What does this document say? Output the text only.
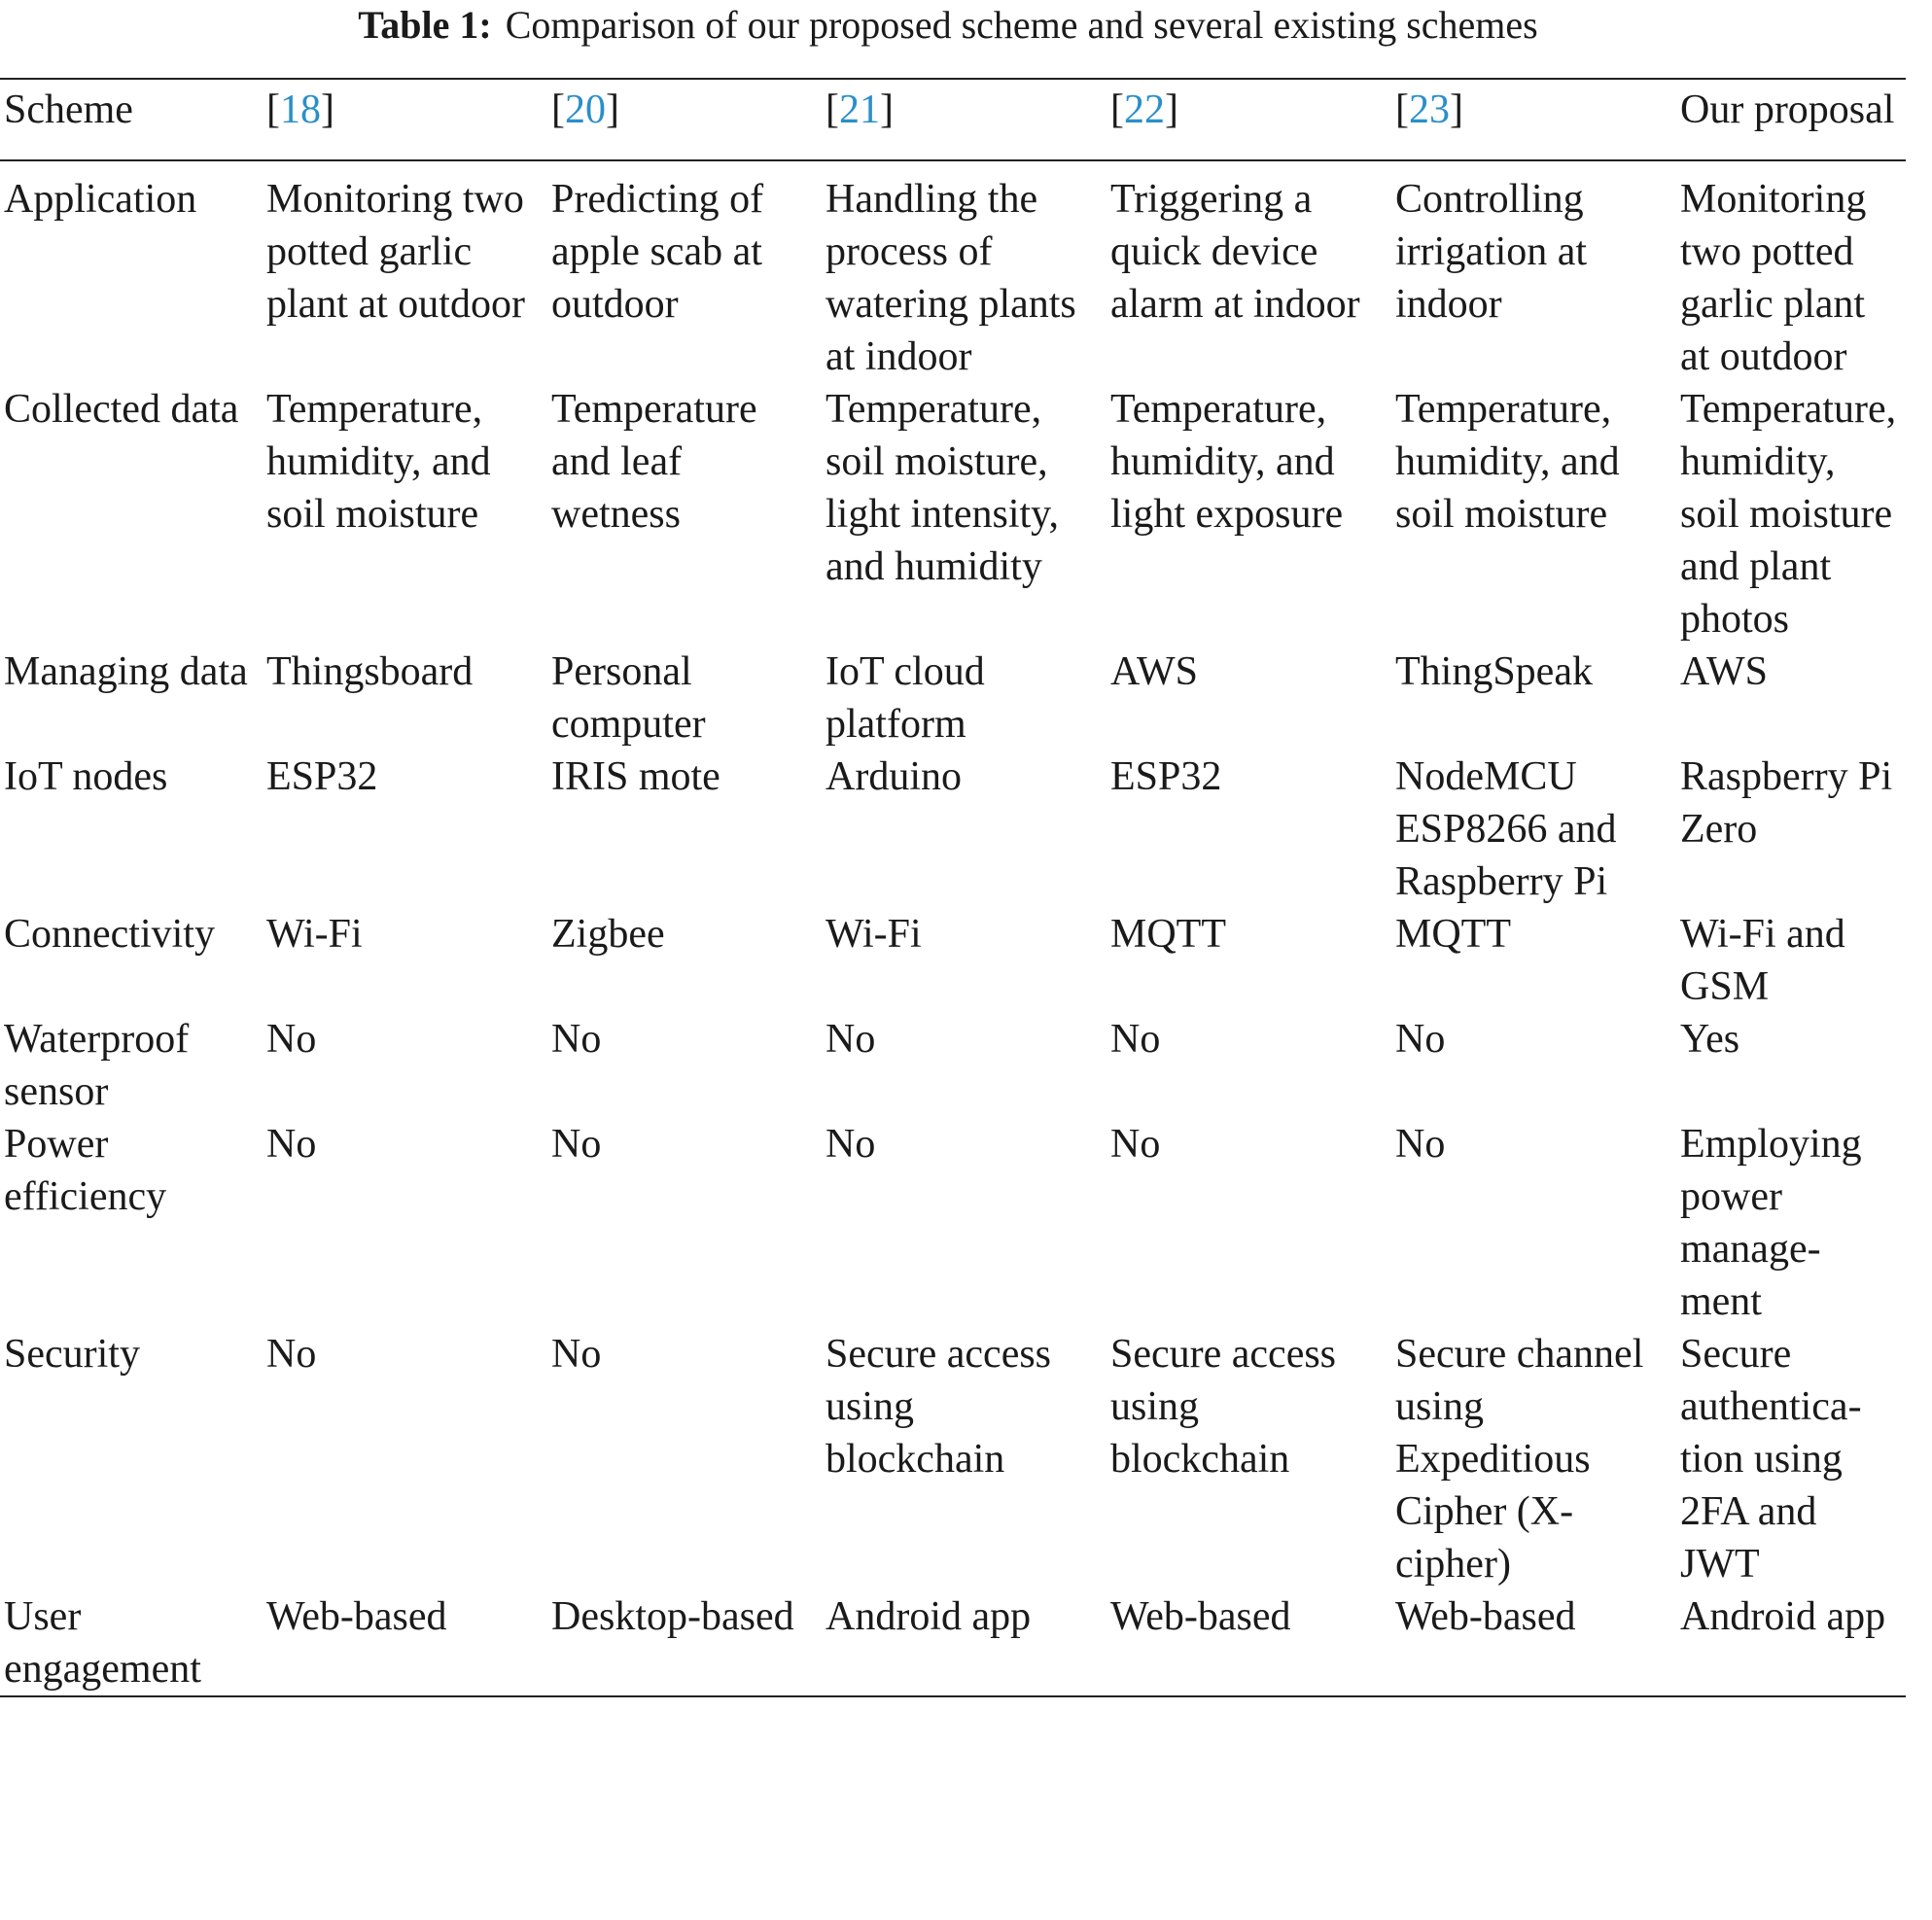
Table 1: Comparison of our proposed scheme and several existing schemes
Scheme	[18]	[20]	[21]	[22]	[23]	Our proposal
Application	Monitoring two potted garlic plant at outdoor	Predicting of apple scab at outdoor	Handling the process of watering plants at indoor	Triggering a quick device alarm at indoor	Controlling irrigation at indoor	Monitoring two potted garlic plant at outdoor
Collected data	Temperature, humidity, and soil moisture	Temperature and leaf wetness	Temperature, soil moisture, light intensity, and humidity	Temperature, humidity, and light exposure	Temperature, humidity, and soil moisture	Temperature, humidity, soil moisture and plant photos
Managing data	Thingsboard	Personal computer	IoT cloud platform	AWS	ThingSpeak	AWS
IoT nodes	ESP32	IRIS mote	Arduino	ESP32	NodeMCU ESP8266 and Raspberry Pi	Raspberry Pi Zero
Connectivity	Wi-Fi	Zigbee	Wi-Fi	MQTT	MQTT	Wi-Fi and GSM
Waterproof sensor	No	No	No	No	No	Yes
Power efficiency	No	No	No	No	No	Employing power manage-ment
Security	No	No	Secure access using blockchain	Secure access using blockchain	Secure channel using Expeditious Cipher (X-cipher)	Secure authentica-tion using 2FA and JWT
User engagement	Web-based	Desktop-based	Android app	Web-based	Web-based	Android app
